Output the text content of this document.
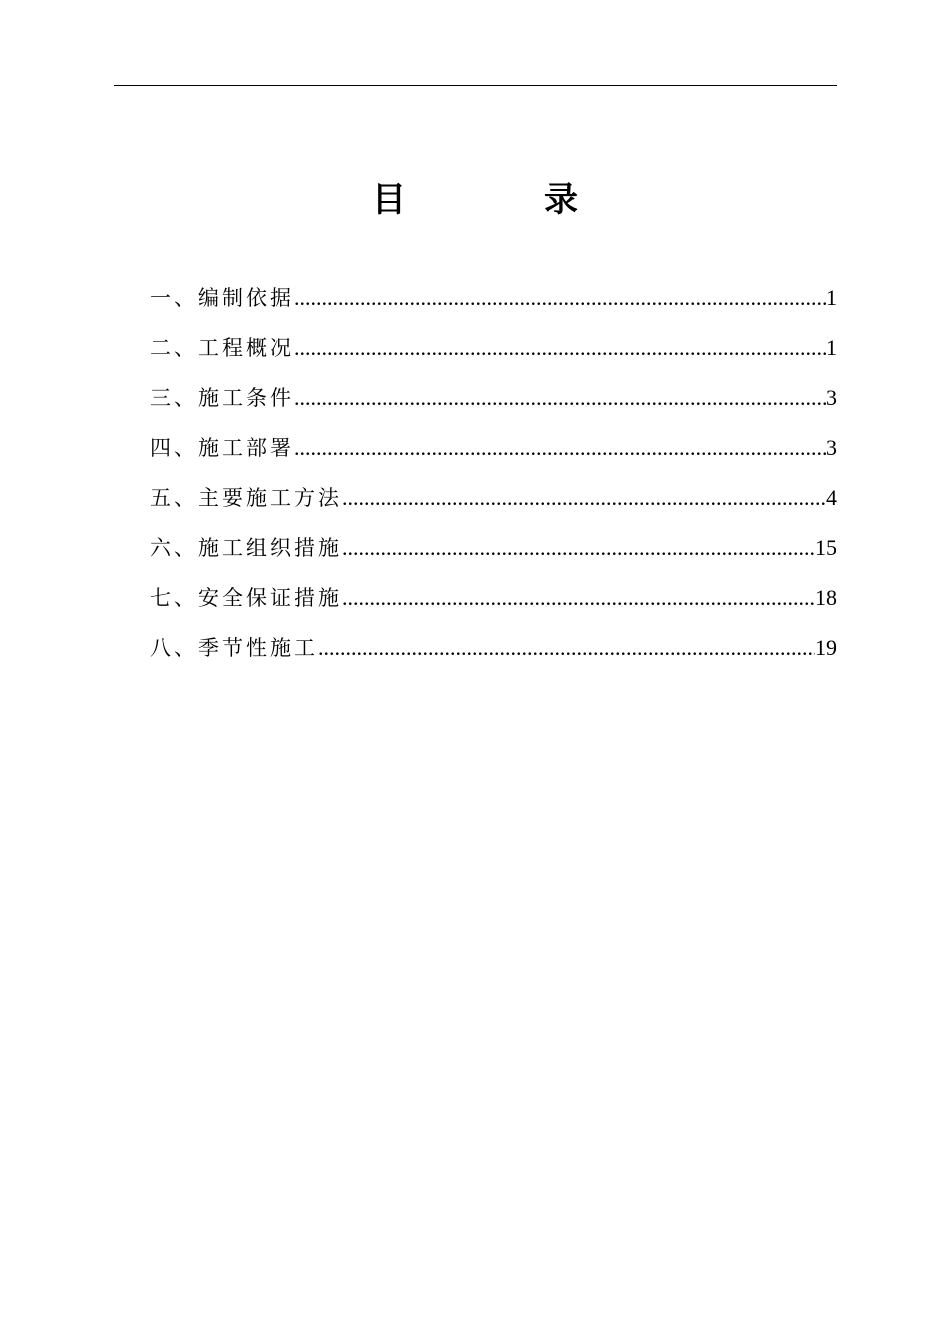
目　录
一、编制依据 .....	1
二、工程概况 .....	1
三、施工条件 .....	3
四、施工部署 .....	3
五、主要施工方法 .....	4
六、施工组织措施 .....	15
七、安全保证措施 .....	18
八、季节性施工 .....	19
